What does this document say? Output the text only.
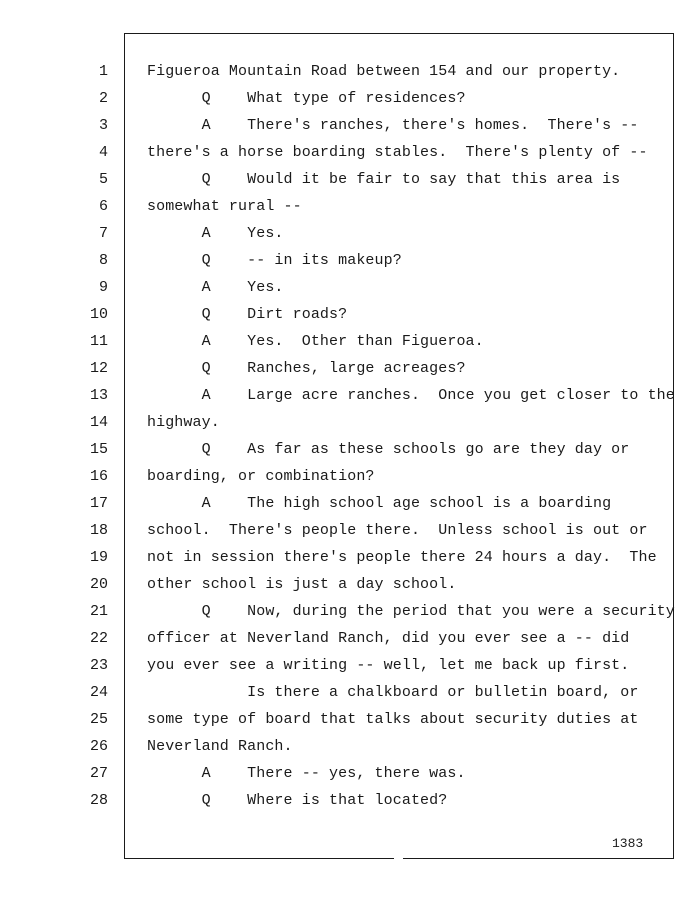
1	Figueroa Mountain Road between 154 and our property.
2	Q    What type of residences?
3	A    There's ranches, there's homes.  There's --
4	there's a horse boarding stables.  There's plenty of --
5	Q    Would it be fair to say that this area is
6	somewhat rural --
7	A    Yes.
8	Q    -- in its makeup?
9	A    Yes.
10	Q    Dirt roads?
11	A    Yes.  Other than Figueroa.
12	Q    Ranches, large acreages?
13	A    Large acre ranches.  Once you get closer to the
14	highway.
15	Q    As far as these schools go are they day or
16	boarding, or combination?
17	A    The high school age school is a boarding
18	school.  There's people there.  Unless school is out or
19	not in session there's people there 24 hours a day.  The
20	other school is just a day school.
21	Q    Now, during the period that you were a security
22	officer at Neverland Ranch, did you ever see a -- did
23	you ever see a writing -- well, let me back up first.
24	Is there a chalkboard or bulletin board, or
25	some type of board that talks about security duties at
26	Neverland Ranch.
27	A    There -- yes, there was.
28	Q    Where is that located?
1383
